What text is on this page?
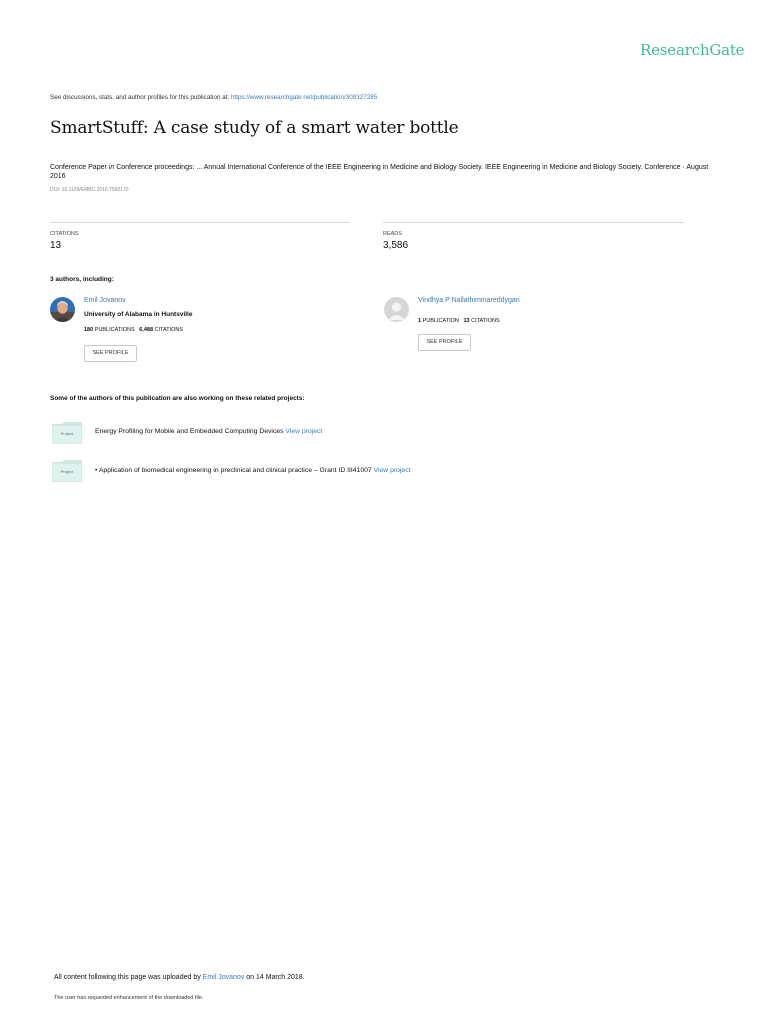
ResearchGate
See discussions, stats, and author profiles for this publication at: https://www.researchgate.net/publication/309327285
SmartStuff: A case study of a smart water bottle
Conference Paper in Conference proceedings: ... Annual International Conference of the IEEE Engineering in Medicine and Biology Society. IEEE Engineering in Medicine and Biology Society. Conference · August 2016
DOI: 10.1109/EMBC.2016.7592170
CITATIONS
13
READS
3,586
3 authors, including:
Emil Jovanov
University of Alabama in Huntsville
180 PUBLICATIONS 6,488 CITATIONS
SEE PROFILE
Vindhya P Nallathimmareddygari
1 PUBLICATION 13 CITATIONS
SEE PROFILE
Some of the authors of this publication are also working on these related projects:
Project	Energy Profiling for Mobile and Embedded Computing Devices View project
Project	• Application of biomedical engineering in preclinical and clinical practice – Grant ID III41007 View project
All content following this page was uploaded by Emil Jovanov on 14 March 2018.
The user has requested enhancement of the downloaded file.
